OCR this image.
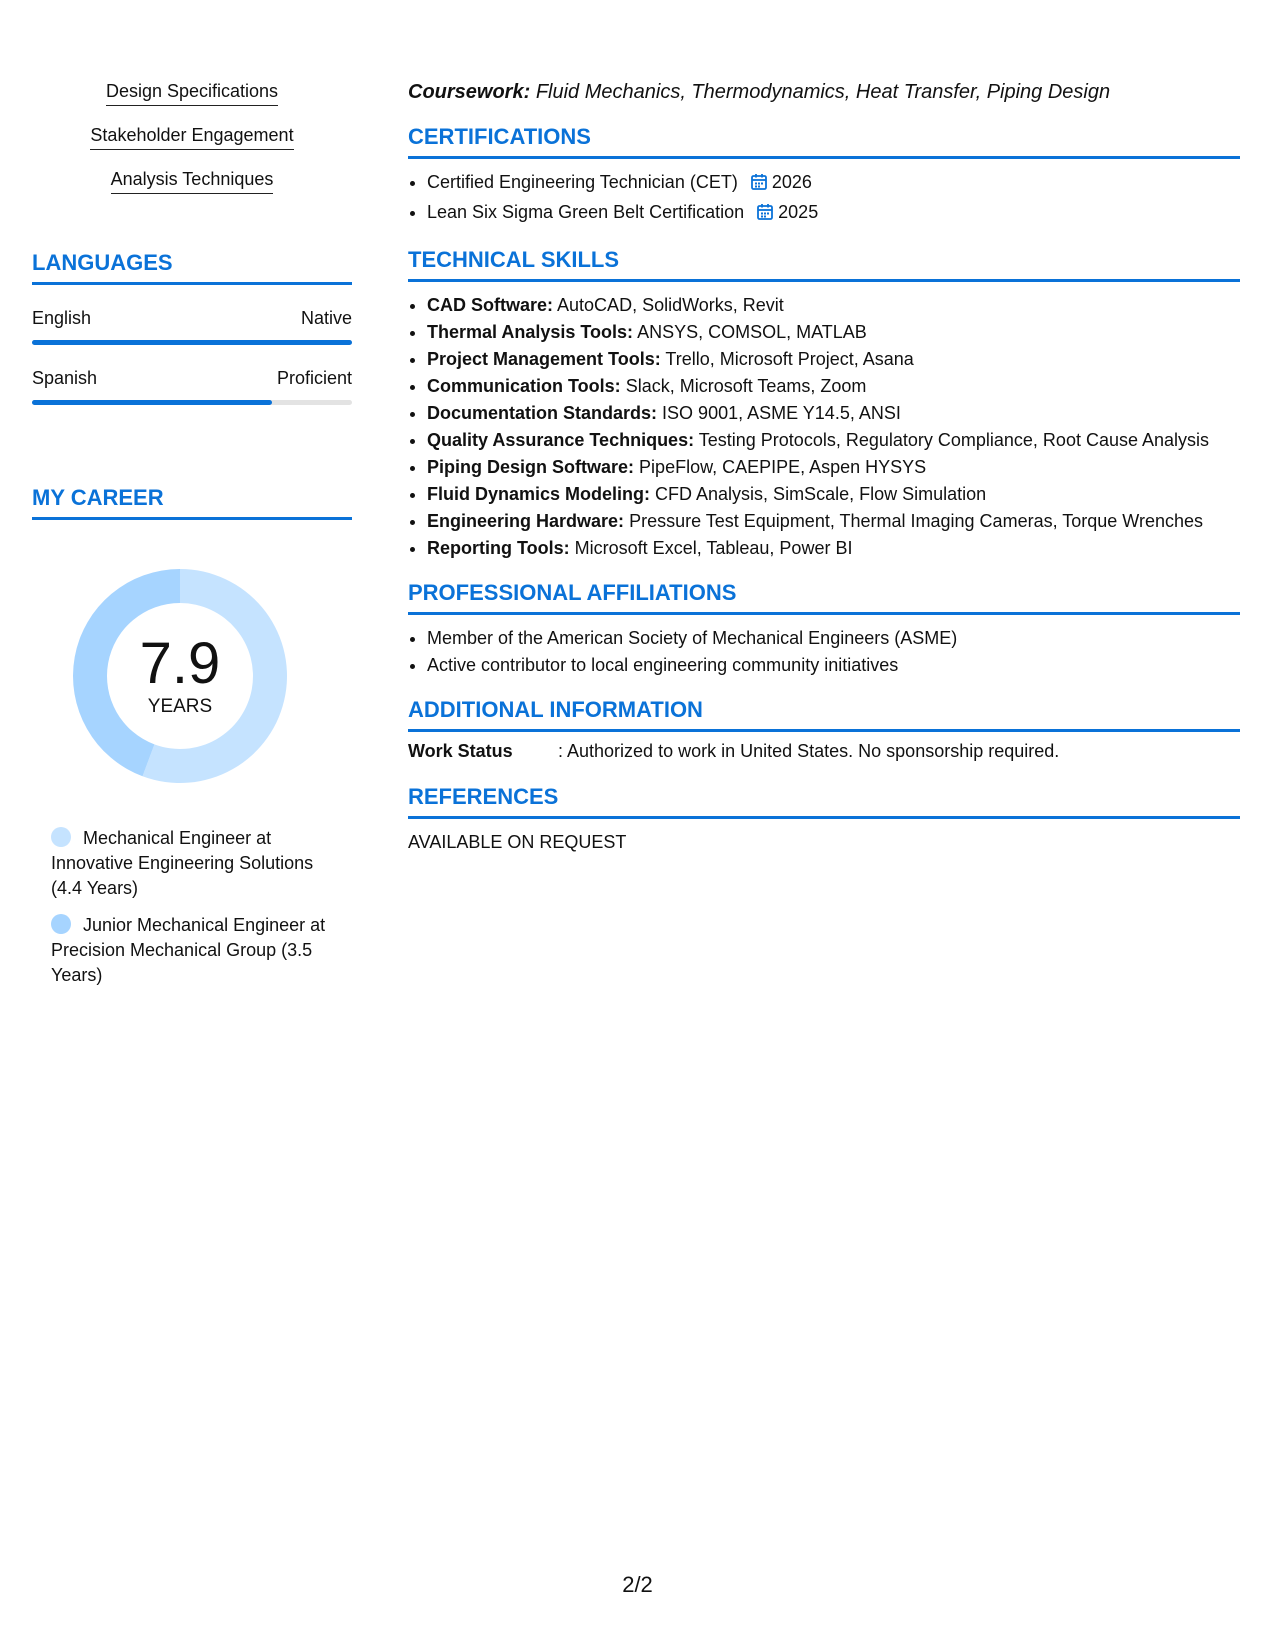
Design Specifications
Stakeholder Engagement
Analysis Techniques
LANGUAGES
English	Native
Spanish	Proficient
MY CAREER
7.9
YEARS
Mechanical Engineer at Innovative Engineering Solutions (4.4 Years)
Junior Mechanical Engineer at Precision Mechanical Group (3.5 Years)

Coursework: Fluid Mechanics, Thermodynamics, Heat Transfer, Piping Design

CERTIFICATIONS
• Certified Engineering Technician (CET) 2026
• Lean Six Sigma Green Belt Certification 2025
TECHNICAL SKILLS
• CAD Software: AutoCAD, SolidWorks, Revit
• Thermal Analysis Tools: ANSYS, COMSOL, MATLAB
• Project Management Tools: Trello, Microsoft Project, Asana
• Communication Tools: Slack, Microsoft Teams, Zoom
• Documentation Standards: ISO 9001, ASME Y14.5, ANSI
• Quality Assurance Techniques: Testing Protocols, Regulatory Compliance, Root Cause Analysis
• Piping Design Software: PipeFlow, CAEPIPE, Aspen HYSYS
• Fluid Dynamics Modeling: CFD Analysis, SimScale, Flow Simulation
• Engineering Hardware: Pressure Test Equipment, Thermal Imaging Cameras, Torque Wrenches
• Reporting Tools: Microsoft Excel, Tableau, Power BI
PROFESSIONAL AFFILIATIONS
• Member of the American Society of Mechanical Engineers (ASME)
• Active contributor to local engineering community initiatives
ADDITIONAL INFORMATION
Work Status	: Authorized to work in United States. No sponsorship required.
REFERENCES
AVAILABLE ON REQUEST
2/2
